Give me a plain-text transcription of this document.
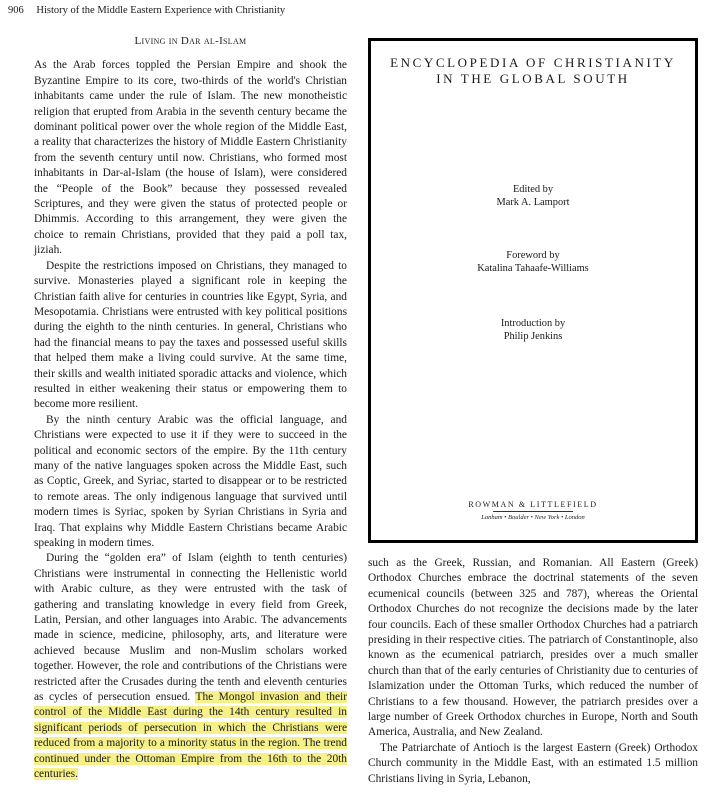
906 History of the Middle Eastern Experience with Christianity
Living in Dar al-Islam

As the Arab forces toppled the Persian Empire and shook the Byzantine Empire to its core, two-thirds of the world's Christian inhabitants came under the rule of Islam. The new monotheistic religion that erupted from Arabia in the seventh century became the dominant political power over the whole region of the Middle East, a reality that characterizes the history of Middle Eastern Christianity from the seventh century until now. Christians, who formed most inhabitants in Dar-al-Islam (the house of Islam), were considered the “People of the Book” because they possessed revealed Scriptures, and they were given the status of protected people or Dhimmis. According to this arrangement, they were given the choice to remain Christians, provided that they paid a poll tax, jiziah.

Despite the restrictions imposed on Christians, they managed to survive. Monasteries played a significant role in keeping the Christian faith alive for centuries in countries like Egypt, Syria, and Mesopotamia. Christians were entrusted with key political positions during the eighth to the ninth centuries. In general, Christians who had the financial means to pay the taxes and possessed useful skills that helped them make a living could survive. At the same time, their skills and wealth initiated sporadic attacks and violence, which resulted in either weakening their status or empowering them to become more resilient.

By the ninth century Arabic was the official language, and Christians were expected to use it if they were to succeed in the political and economic sectors of the empire. By the 11th century many of the native languages spoken across the Middle East, such as Coptic, Greek, and Syriac, started to disappear or to be restricted to remote areas. The only indigenous language that survived until modern times is Syriac, spoken by Syrian Christians in Syria and Iraq. That explains why Middle Eastern Christians became Arabic speaking in modern times.

During the “golden era” of Islam (eighth to tenth centuries) Christians were instrumental in connecting the Hellenistic world with Arabic culture, as they were entrusted with the task of gathering and translating knowledge in every field from Greek, Latin, Persian, and other languages into Arabic. The advancements made in science, medicine, philosophy, arts, and literature were achieved because Muslim and non-Muslim scholars worked together. However, the role and contributions of the Christians were restricted after the Crusades during the tenth and eleventh centuries as cycles of persecution ensued. The Mongol invasion and their control of the Middle East during the 14th century resulted in significant periods of persecution in which the Christians were reduced from a majority to a minority status in the region. The trend continued under the Ottoman Empire from the 16th to the 20th centuries.

ENCYCLOPEDIA OF CHRISTIANITY
IN THE GLOBAL SOUTH
Edited by
Mark A. Lamport
Foreword by
Katalina Tahaafe-Williams
Introduction by
Philip Jenkins
ROWMAN & LITTLEFIELD
Lanham • Boulder • New York • London

such as the Greek, Russian, and Romanian. All Eastern (Greek) Orthodox Churches embrace the doctrinal statements of the seven ecumenical councils (between 325 and 787), whereas the Oriental Orthodox Churches do not recognize the decisions made by the later four councils. Each of these smaller Orthodox Churches had a patriarch presiding in their respective cities. The patriarch of Constantinople, also known as the ecumenical patriarch, presides over a much smaller church than that of the early centuries of Christianity due to centuries of Islamization under the Ottoman Turks, which reduced the number of Christians to a few thousand. However, the patriarch presides over a large number of Greek Orthodox churches in Europe, North and South America, Australia, and New Zealand.

The Patriarchate of Antioch is the largest Eastern (Greek) Orthodox Church community in the Middle East, with an estimated 1.5 million Christians living in Syria, Lebanon,
